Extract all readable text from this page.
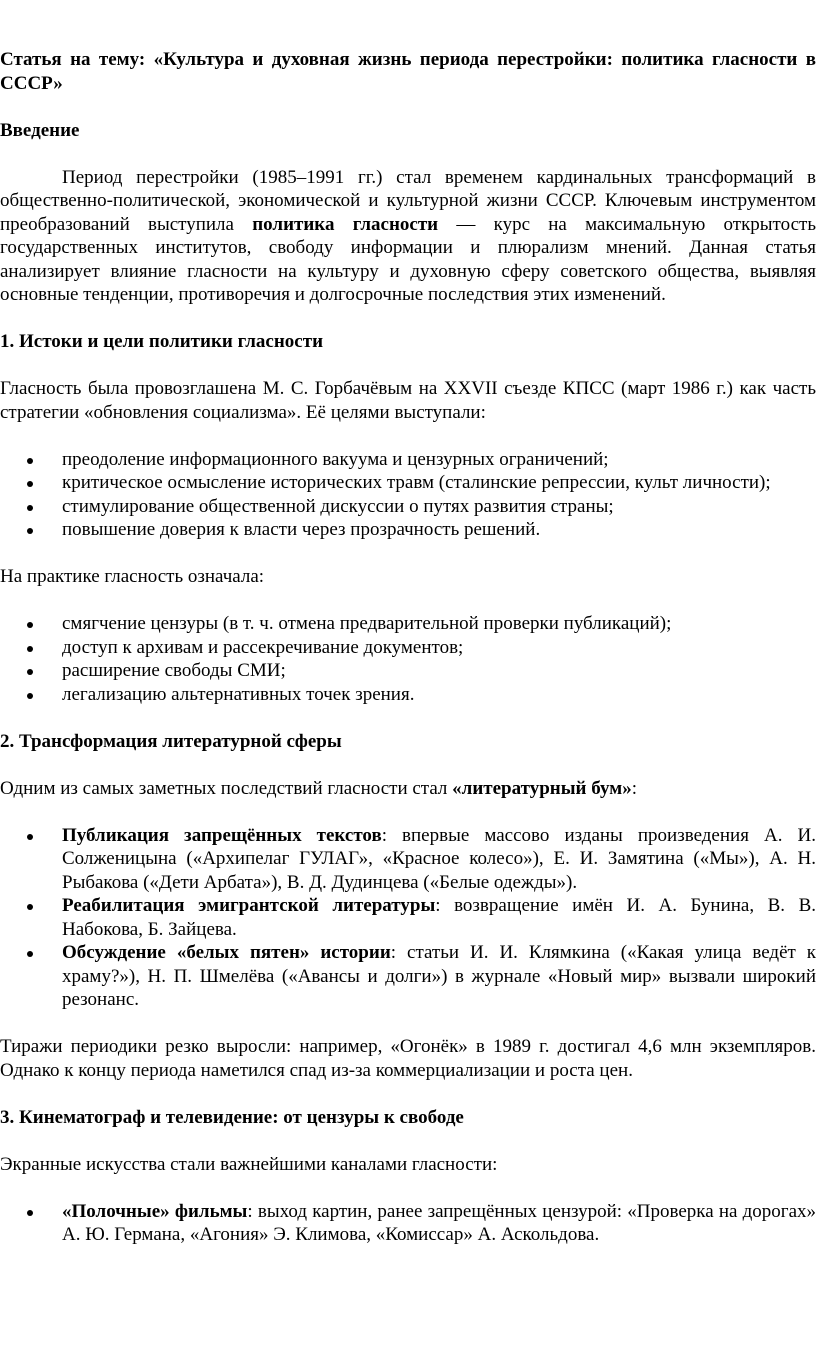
Статья на тему: «Культура и духовная жизнь периода перестройки: политика гласности в СССР»

Введение

Период перестройки (1985–1991 гг.) стал временем кардинальных трансформаций в общественно-политической, экономической и культурной жизни СССР. Ключевым инструментом преобразований выступила политика гласности — курс на максимальную открытость государственных институтов, свободу информации и плюрализм мнений. Данная статья анализирует влияние гласности на культуру и духовную сферу советского общества, выявляя основные тенденции, противоречия и долгосрочные последствия этих изменений.

1. Истоки и цели политики гласности

Гласность была провозглашена М. С. Горбачёвым на XXVII съезде КПСС (март 1986 г.) как часть стратегии «обновления социализма». Её целями выступали:

преодоление информационного вакуума и цензурных ограничений;
критическое осмысление исторических травм (сталинские репрессии, культ личности);
стимулирование общественной дискуссии о путях развития страны;
повышение доверия к власти через прозрачность решений.

На практике гласность означала:

смягчение цензуры (в т. ч. отмена предварительной проверки публикаций);
доступ к архивам и рассекречивание документов;
расширение свободы СМИ;
легализацию альтернативных точек зрения.

2. Трансформация литературной сферы

Одним из самых заметных последствий гласности стал «литературный бум»:

Публикация запрещённых текстов: впервые массово изданы произведения А. И. Солженицына («Архипелаг ГУЛАГ», «Красное колесо»), Е. И. Замятина («Мы»), А. Н. Рыбакова («Дети Арбата»), В. Д. Дудинцева («Белые одежды»).
Реабилитация эмигрантской литературы: возвращение имён И. А. Бунина, В. В. Набокова, Б. Зайцева.
Обсуждение «белых пятен» истории: статьи И. И. Клямкина («Какая улица ведёт к храму?»), Н. П. Шмелёва («Авансы и долги») в журнале «Новый мир» вызвали широкий резонанс.

Тиражи периодики резко выросли: например, «Огонёк» в 1989 г. достигал 4,6 млн экземпляров. Однако к концу периода наметился спад из-за коммерциализации и роста цен.

3. Кинематограф и телевидение: от цензуры к свободе

Экранные искусства стали важнейшими каналами гласности:

«Полочные» фильмы: выход картин, ранее запрещённых цензурой: «Проверка на дорогах» А. Ю. Германа, «Агония» Э. Климова, «Комиссар» А. Аскольдова.
